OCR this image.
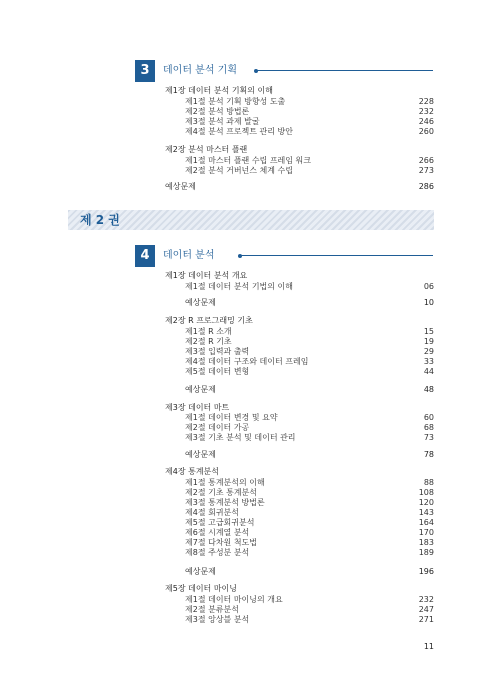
3	데이터 분석 기획
제1장 데이터 분석 기획의 이해
제1절 분석 기획 방향성 도출	228
제2절 분석 방법론	232
제3절 분석 과제 발굴	246
제4절 분석 프로젝트 관리 방안	260
제2장 분석 마스터 플랜
제1절 마스터 플랜 수립 프레임 워크	266
제2절 분석 거버넌스 체계 수립	273
예상문제	286
제 2 권
4	데이터 분석
제1장 데이터 분석 개요
제1절 데이터 분석 기법의 이해	06
예상문제	10
제2장 R 프로그래밍 기초
제1절 R 소개	15
제2절 R 기초	19
제3절 입력과 출력	29
제4절 데이터 구조와 데이터 프레임	33
제5절 데이터 변형	44
예상문제	48
제3장 데이터 마트
제1절 데이터 변경 및 요약	60
제2절 데이터 가공	68
제3절 기초 분석 및 데이터 관리	73
예상문제	78
제4장 통계분석
제1절 통계분석의 이해	88
제2절 기초 통계분석	108
제3절 통계분석 방법론	120
제4절 회귀분석	143
제5절 고급회귀분석	164
제6절 시계열 분석	170
제7절 다차원 척도법	183
제8절 주성분 분석	189
예상문제	196
제5장 데이터 마이닝
제1절 데이터 마이닝의 개요	232
제2절 분류분석	247
제3절 앙상블 분석	271
11
